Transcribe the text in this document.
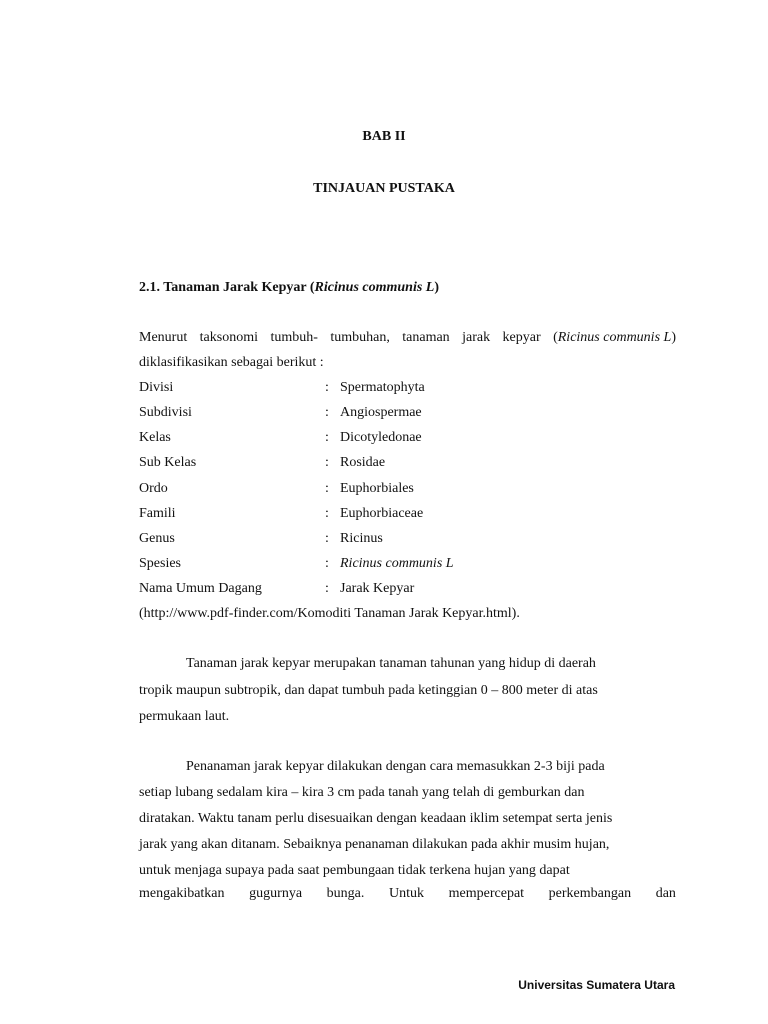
BAB II
TINJAUAN PUSTAKA
2.1. Tanaman Jarak Kepyar (Ricinus communis L)
Menurut taksonomi tumbuh- tumbuhan, tanaman jarak kepyar (Ricinus communis L)
diklasifikasikan sebagai berikut :
Divisi	: Spermatophyta
Subdivisi	: Angiospermae
Kelas	: Dicotyledonae
Sub Kelas	: Rosidae
Ordo	: Euphorbiales
Famili	: Euphorbiaceae
Genus	: Ricinus
Spesies	: Ricinus communis L
Nama Umum Dagang	: Jarak Kepyar
(http://www.pdf-finder.com/Komoditi Tanaman Jarak Kepyar.html).
Tanaman jarak kepyar merupakan tanaman tahunan yang hidup di daerah
tropik maupun subtropik, dan dapat tumbuh pada ketinggian 0 – 800 meter di atas
permukaan laut.
Penanaman jarak kepyar dilakukan dengan cara memasukkan 2-3 biji pada
setiap lubang sedalam kira – kira 3 cm pada tanah yang telah di gemburkan dan
diratakan. Waktu tanam perlu disesuaikan dengan keadaan iklim setempat serta jenis
jarak yang akan ditanam. Sebaiknya penanaman dilakukan pada akhir musim hujan,
untuk menjaga supaya pada saat pembungaan tidak terkena hujan yang dapat
mengakibatkan gugurnya bunga. Untuk mempercepat perkembangan dan
Universitas Sumatera Utara
